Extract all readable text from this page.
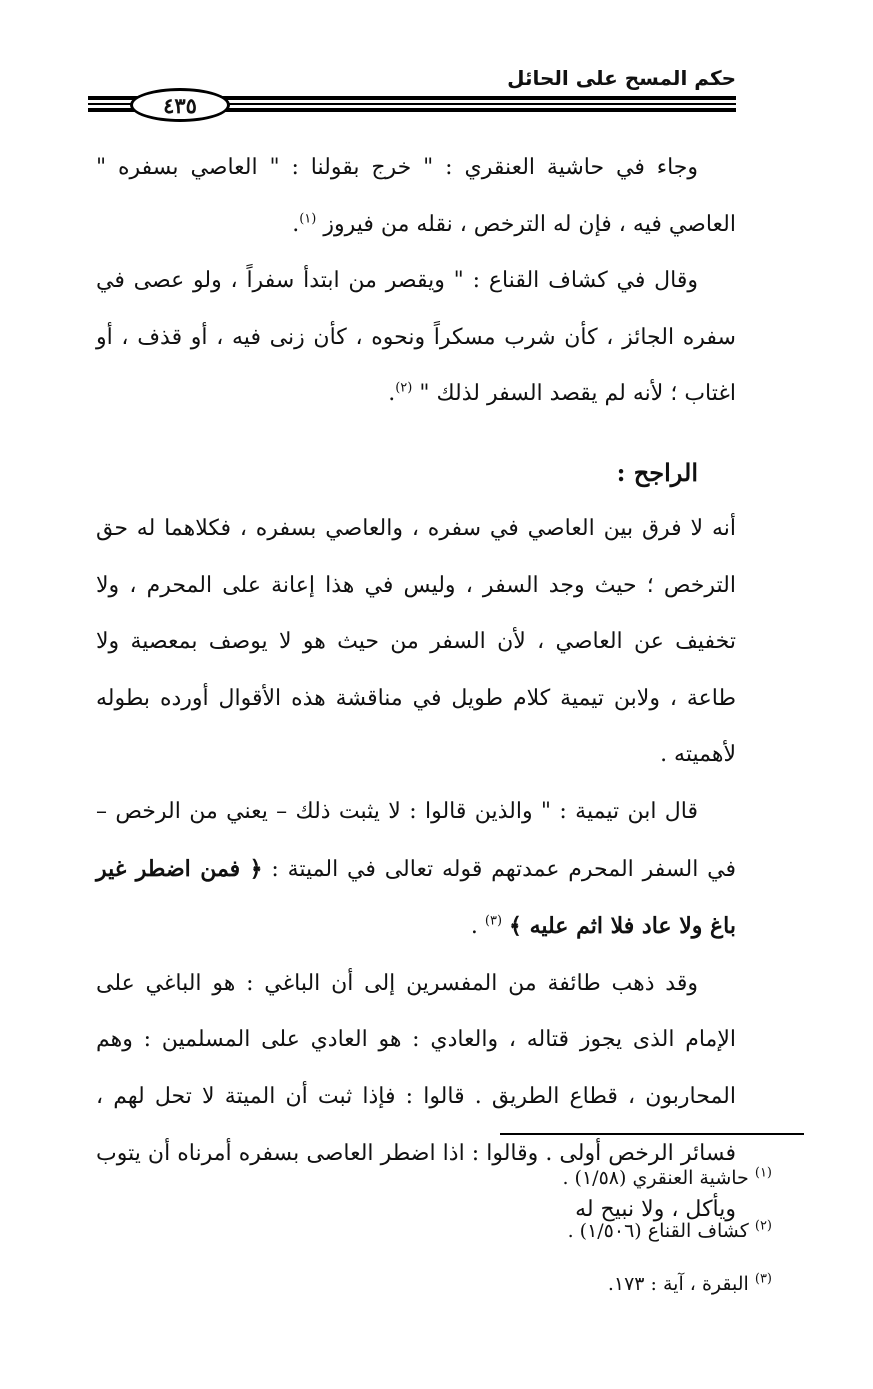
حكم المسح على الحائل
٤٣٥

وجاء في حاشية العنقري : " خرج بقولنا : " العاصي بسفره " العاصي فيه ، فإن له الترخص ، نقله من فيروز $^{(١)}$.

وقال في كشاف القناع : " ويقصر من ابتدأ سفراً ، ولو عصى في سفره الجائز ، كأن شرب مسكراً ونحوه ، كأن زنى فيه ، أو قذف ، أو اغتاب ؛ لأنه لم يقصد السفر لذلك " $^{(٢)}$.

الراجح :

أنه لا فرق بين العاصي في سفره ، والعاصي بسفره ، فكلاهما له حق الترخص ؛ حيث وجد السفر ، وليس في هذا إعانة على المحرم ، ولا تخفيف عن العاصي ، لأن السفر من حيث هو لا يوصف بمعصية ولا طاعة ، ولابن تيمية كلام طويل في مناقشة هذه الأقوال أورده بطوله لأهميته .

قال ابن تيمية : " والذين قالوا : لا يثبت ذلك – يعني من الرخص – في السفر المحرم عمدتهم قوله تعالى في الميتة : ﴿ فمن اضطر غير باغ ولا عاد فلا اثم عليه ﴾ $^{(٣)}$ .

وقد ذهب طائفة من المفسرين إلى أن الباغي : هو الباغي على الإمام الذى يجوز قتاله ، والعادي : هو العادي على المسلمين : وهم المحاربون ، قطاع الطريق . قالوا : فإذا ثبت أن الميتة لا تحل لهم ، فسائر الرخص أولى . وقالوا : اذا اضطر العاصى بسفره أمرناه أن يتوب ويأكل ، ولا نبيح له

$^{(١)}$ حاشية العنقري (١/٥٨) .
$^{(٢)}$ كشاف القناع (١/٥٠٦) .
$^{(٣)}$ البقرة ، آية : ١٧٣.
